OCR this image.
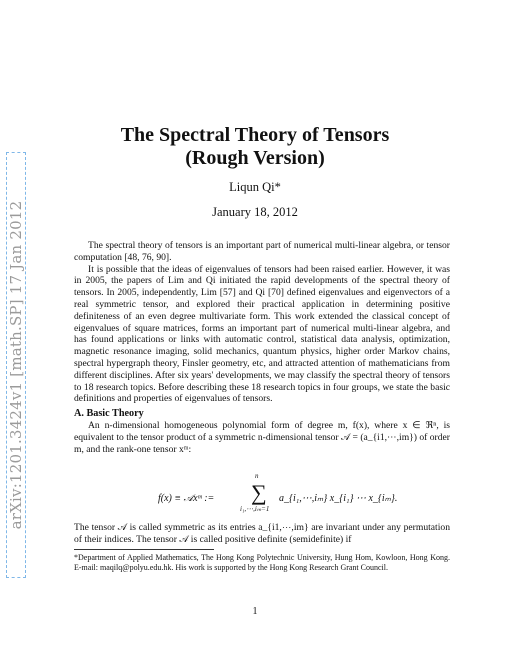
arXiv:1201.3424v1 [math.SP] 17 Jan 2012
The Spectral Theory of Tensors
(Rough Version)
Liqun Qi*
January 18, 2012

The spectral theory of tensors is an important part of numerical multi-linear algebra, or tensor computation [48, 76, 90].

It is possible that the ideas of eigenvalues of tensors had been raised earlier. However, it was in 2005, the papers of Lim and Qi initiated the rapid developments of the spectral theory of tensors. In 2005, independently, Lim [57] and Qi [70] defined eigenvalues and eigenvectors of a real symmetric tensor, and explored their practical application in determining positive definiteness of an even degree multivariate form. This work extended the classical concept of eigenvalues of square matrices, forms an important part of numerical multi-linear algebra, and has found applications or links with automatic control, statistical data analysis, optimization, magnetic resonance imaging, solid mechanics, quantum physics, higher order Markov chains, spectral hypergraph theory, Finsler geometry, etc, and attracted attention of mathematicians from different disciplines. After six years' developments, we may classify the spectral theory of tensors to 18 research topics. Before describing these 18 research topics in four groups, we state the basic definitions and properties of eigenvalues of tensors.

A. Basic Theory

An n-dimensional homogeneous polynomial form of degree m, f(x), where x ∈ ℜⁿ, is equivalent to the tensor product of a symmetric n-dimensional tensor 𝒜 = (a_{i1,⋯,im}) of order m, and the rank-one tensor xᵐ:

f(x) ≡ 𝒜xᵐ :=
n
∑
i₁,⋯,iₘ=1
a_{i₁,⋯,iₘ} x_{i₁} ⋯ x_{iₘ}.
The tensor 𝒜 is called symmetric as its entries a_{i1,⋯,im} are invariant under any permutation of their indices. The tensor 𝒜 is called positive definite (semidefinite) if
*Department of Applied Mathematics, The Hong Kong Polytechnic University, Hung Hom, Kowloon, Hong Kong. E-mail: maqilq@polyu.edu.hk. His work is supported by the Hong Kong Research Grant Council.
1
